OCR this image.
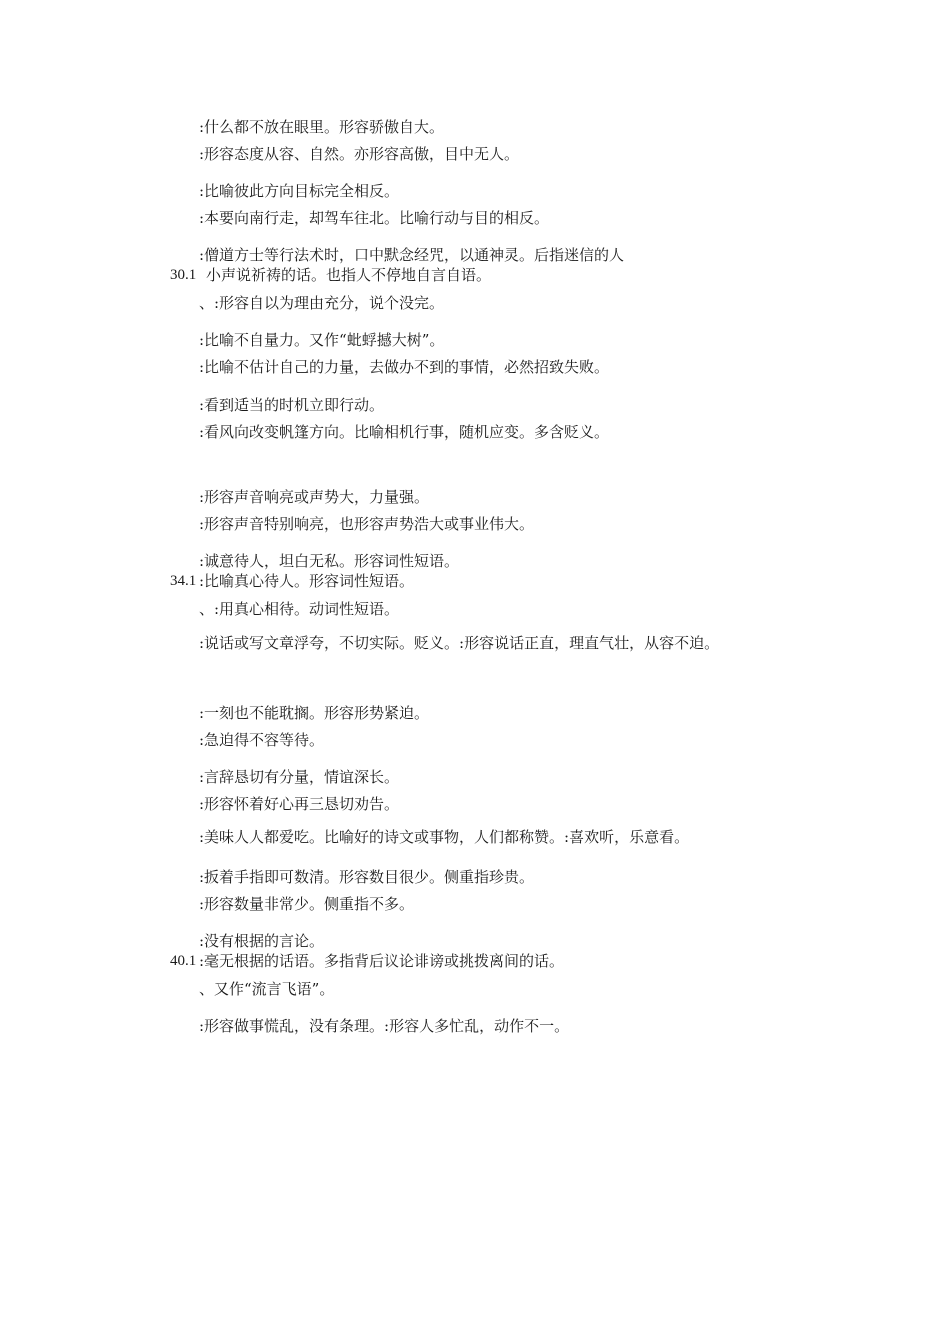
:什么都不放在眼里。形容骄傲自大。
:形容态度从容、自然。亦形容高傲，目中无人。
:比喻彼此方向目标完全相反。
:本要向南行走，却驾车往北。比喻行动与目的相反。
:僧道方士等行法术时，口中默念经咒，以通神灵。后指迷信的人
30.1 小声说祈祷的话。也指人不停地自言自语。
、:形容自以为理由充分，说个没完。
:比喻不自量力。又作“蚍蜉撼大树”。
:比喻不估计自己的力量，去做办不到的事情，必然招致失败。
:看到适当的时机立即行动。
:看风向改变帆篷方向。比喻相机行事，随机应变。多含贬义。
:形容声音响亮或声势大，力量强。
:形容声音特别响亮，也形容声势浩大或事业伟大。
:诚意待人，坦白无私。形容词性短语。
34.1 :比喻真心待人。形容词性短语。
、:用真心相待。动词性短语。
:说话或写文章浮夸，不切实际。贬义。:形容说话正直，理直气壮，从容不迫。
:一刻也不能耽搁。形容形势紧迫。
:急迫得不容等待。
:言辞恳切有分量，情谊深长。
:形容怀着好心再三恳切劝告。
:美味人人都爱吃。比喻好的诗文或事物，人们都称赞。:喜欢听，乐意看。
:扳着手指即可数清。形容数目很少。侧重指珍贵。
:形容数量非常少。侧重指不多。
:没有根据的言论。
40.1 :毫无根据的话语。多指背后议论诽谤或挑拨离间的话。
、又作“流言飞语”。
:形容做事慌乱，没有条理。:形容人多忙乱，动作不一。
